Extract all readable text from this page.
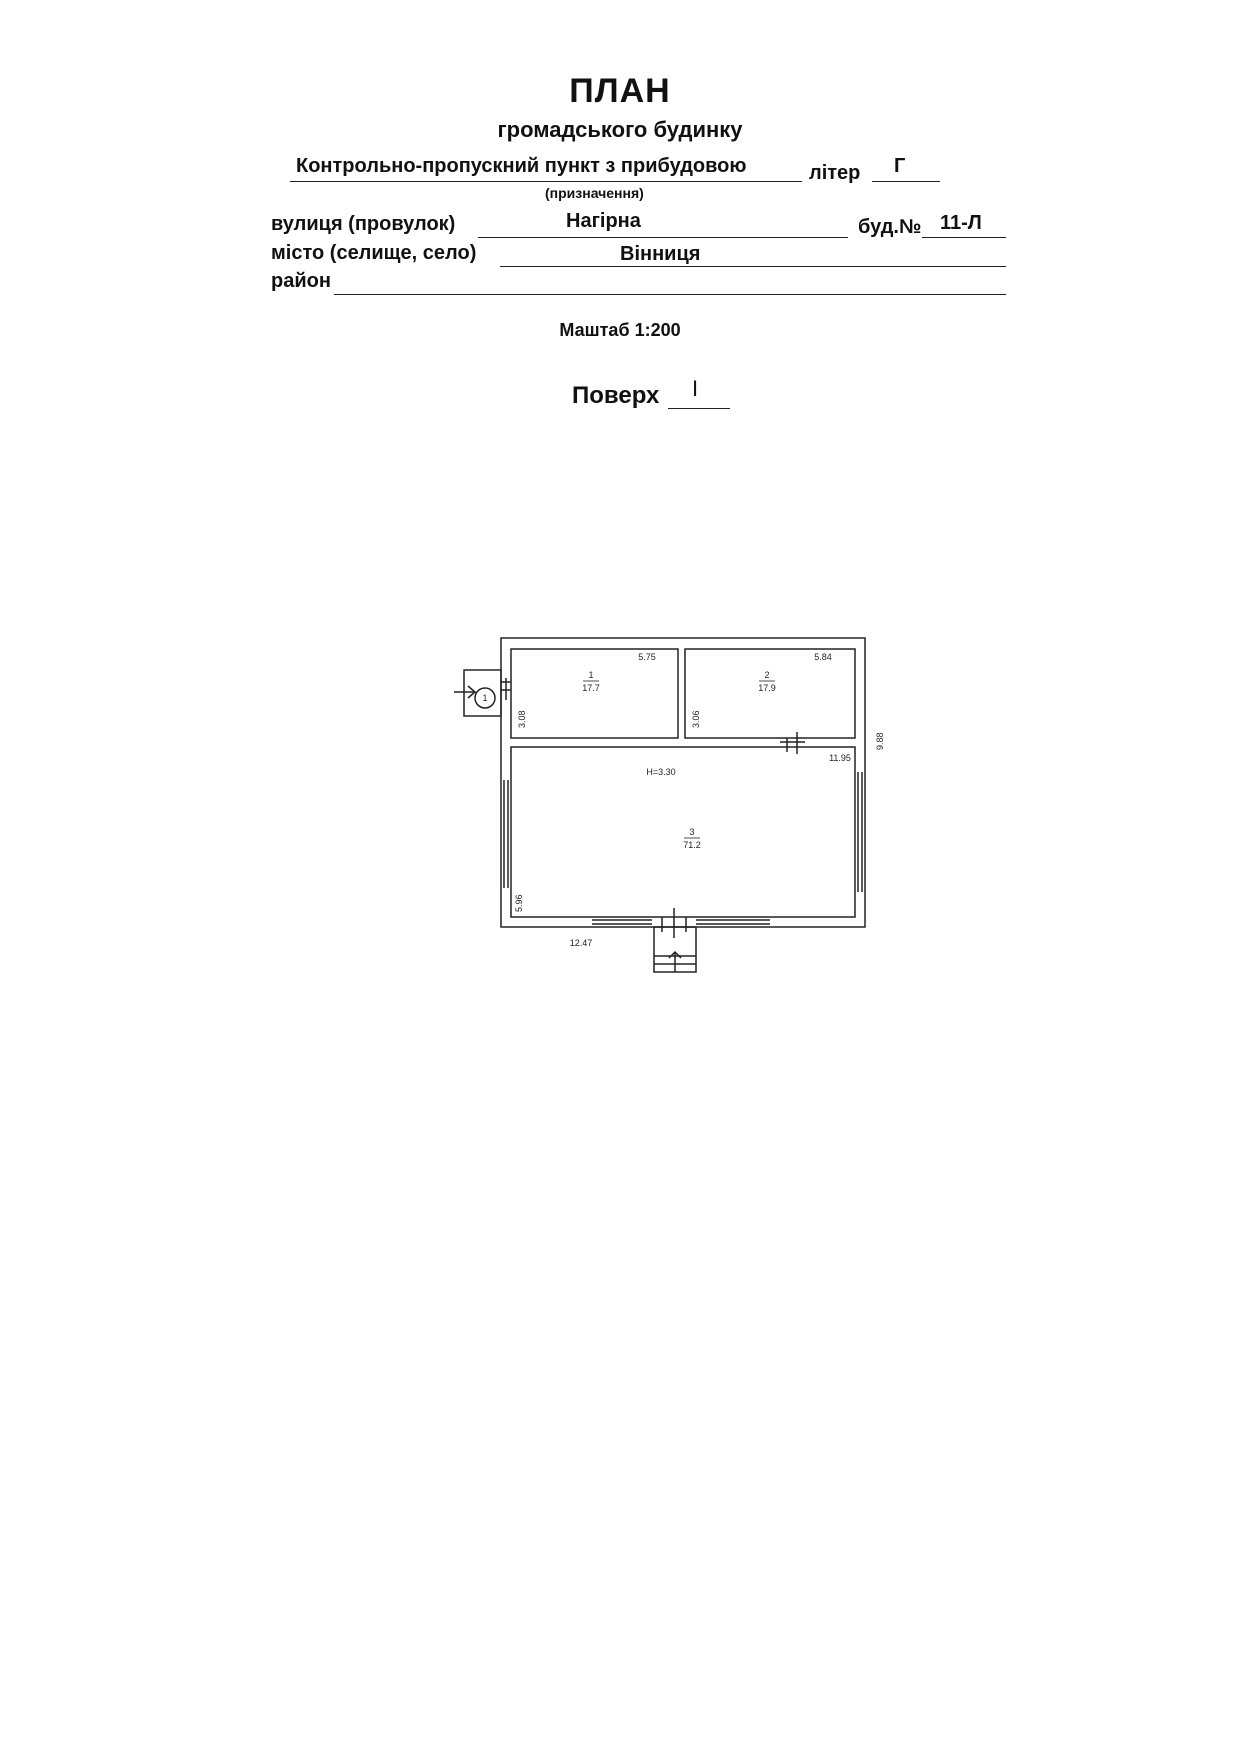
ПЛАН
громадського будинку
Контрольно-пропускний пункт з прибудовою	літер Г
(призначення)
вулиця (провулок)	Нагірна	буд.№ 11-Л
місто (селище, село)	Вінниця
район
Маштаб 1:200
Поверх I
1
17.7
5.75
3.08
2
17.9
5.84
3.06
H=3.30
3
71.2
11.95
9.88
5.96
12.47
1
